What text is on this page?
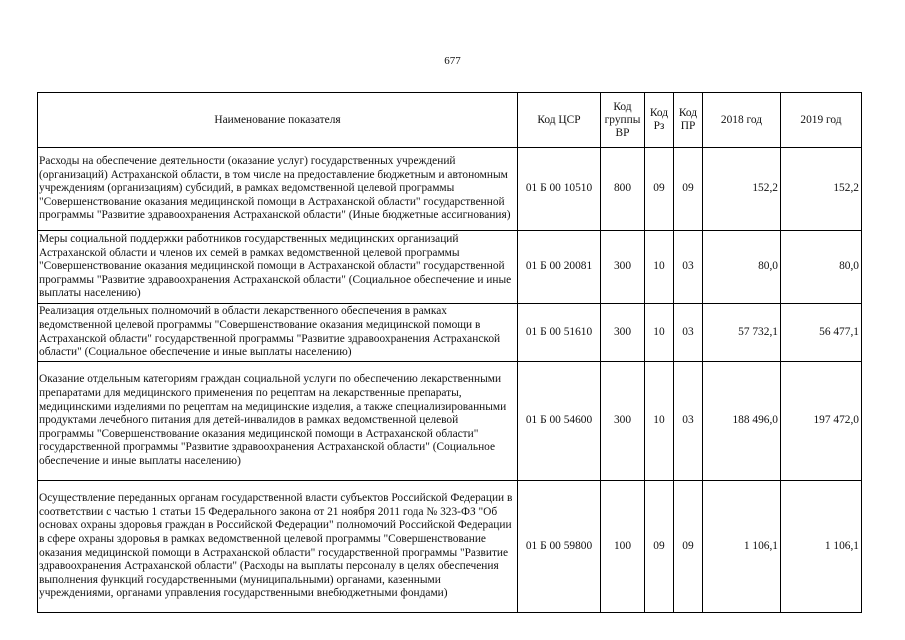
677
Наименование показателя	Код ЦСР	Код группы ВР	Код Рз	Код ПР	2018 год	2019 год
Расходы на обеспечение деятельности (оказание услуг) государственных учреждений (организаций) Астраханской области, в том числе на предоставление бюджетным и автономным учреждениям (организациям) субсидий, в рамках ведомственной целевой программы "Совершенствование оказания медицинской помощи в Астраханской области" государственной программы "Развитие здравоохранения Астраханской области" (Иные бюджетные ассигнования)	01 Б 00 10510	800	09	09	152,2	152,2
Меры социальной поддержки работников государственных медицинских организаций Астраханской области и членов их семей в рамках ведомственной целевой программы "Совершенствование оказания медицинской помощи в Астраханской области" государственной программы "Развитие здравоохранения Астраханской области" (Социальное обеспечение и иные выплаты населению)	01 Б 00 20081	300	10	03	80,0	80,0
Реализация отдельных полномочий в области лекарственного обеспечения в рамках ведомственной целевой программы "Совершенствование оказания медицинской помощи в Астраханской области" государственной программы "Развитие здравоохранения Астраханской области" (Социальное обеспечение и иные выплаты населению)	01 Б 00 51610	300	10	03	57 732,1	56 477,1
Оказание отдельным категориям граждан социальной услуги по обеспечению лекарственными препаратами для медицинского применения по рецептам на лекарственные препараты, медицинскими изделиями по рецептам на медицинские изделия, а также специализированными продуктами лечебного питания для детей-инвалидов в рамках ведомственной целевой программы "Совершенствование оказания медицинской помощи в Астраханской области" государственной программы "Развитие здравоохранения Астраханской области" (Социальное обеспечение и иные выплаты населению)	01 Б 00 54600	300	10	03	188 496,0	197 472,0
Осуществление переданных органам государственной власти субъектов Российской Федерации в соответствии с частью 1 статьи 15 Федерального закона от 21 ноября 2011 года № 323-ФЗ "Об основах охраны здоровья граждан в Российской Федерации" полномочий Российской Федерации в сфере охраны здоровья в рамках ведомственной целевой программы "Совершенствование оказания медицинской помощи в Астраханской области" государственной программы "Развитие здравоохранения Астраханской области" (Расходы на выплаты персоналу в целях обеспечения выполнения функций государственными (муниципальными) органами, казенными учреждениями, органами управления государственными внебюджетными фондами)	01 Б 00 59800	100	09	09	1 106,1	1 106,1
